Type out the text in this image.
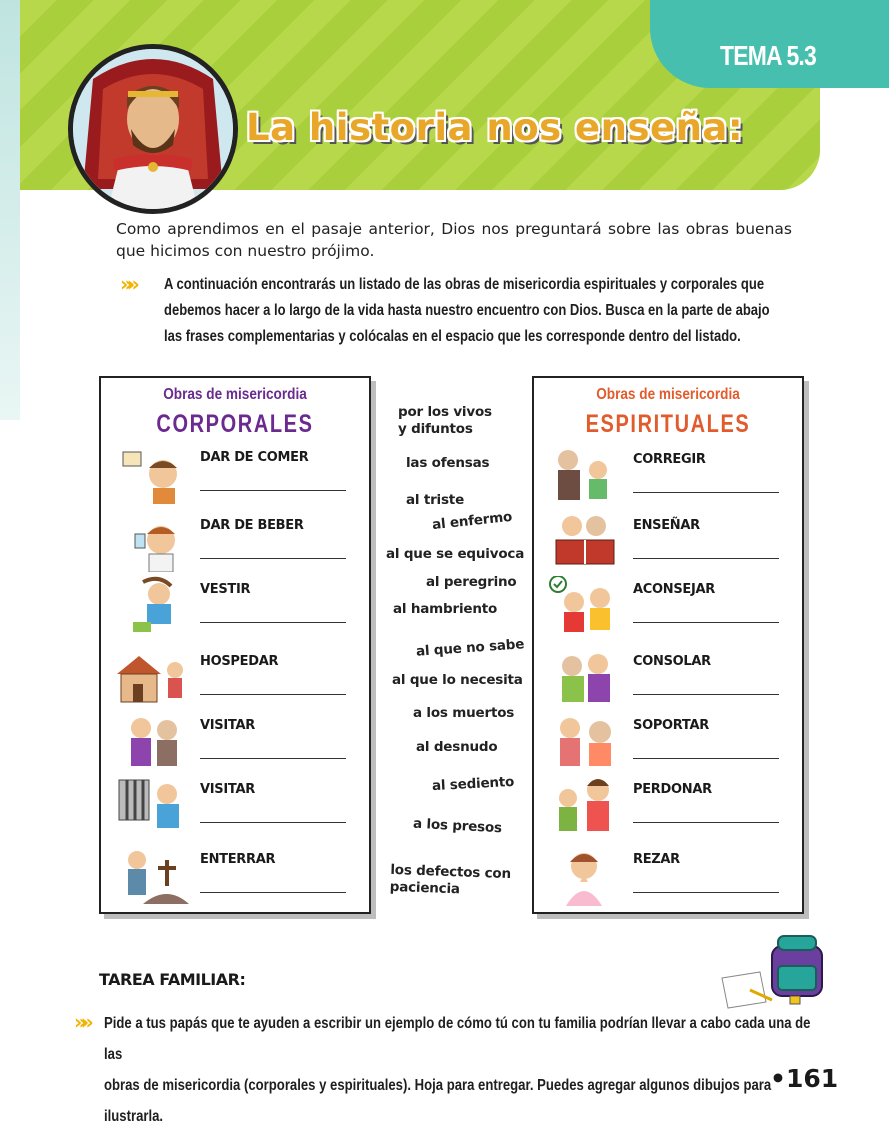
TEMA 5.3
La historia nos enseña:

Como aprendimos en el pasaje anterior, Dios nos preguntará sobre las obras buenas que hicimos con nuestro prójimo.

»» A continuación encontrarás un listado de las obras de misericordia espirituales y corporales que
debemos hacer a lo largo de la vida hasta nuestro encuentro con Dios. Busca en la parte de abajo
las frases complementarias y colócalas en el espacio que les corresponde dentro del listado.
Obras de misericordia
CORPORALES
DAR DE COMER
DAR DE BEBER
VESTIR
HOSPEDAR
VISITAR
VISITAR
ENTERRAR
por los vivos
y difuntos
las ofensas
al triste
al enfermo
al que se equivoca
al peregrino
al hambriento
al que no sabe
al que lo necesita
a los muertos
al desnudo
al sediento
a los presos
los defectos con
paciencia
Obras de misericordia
ESPIRITUALES
CORREGIR
ENSEÑAR
ACONSEJAR
CONSOLAR
SOPORTAR
PERDONAR
REZAR
TAREA FAMILIAR:
»» Pide a tus papás que te ayuden a escribir un ejemplo de cómo tú con tu familia podrían llevar a cabo cada una de las
obras de misericordia (corporales y espirituales). Hoja para entregar. Puedes agregar algunos dibujos para ilustrarla.
•161
